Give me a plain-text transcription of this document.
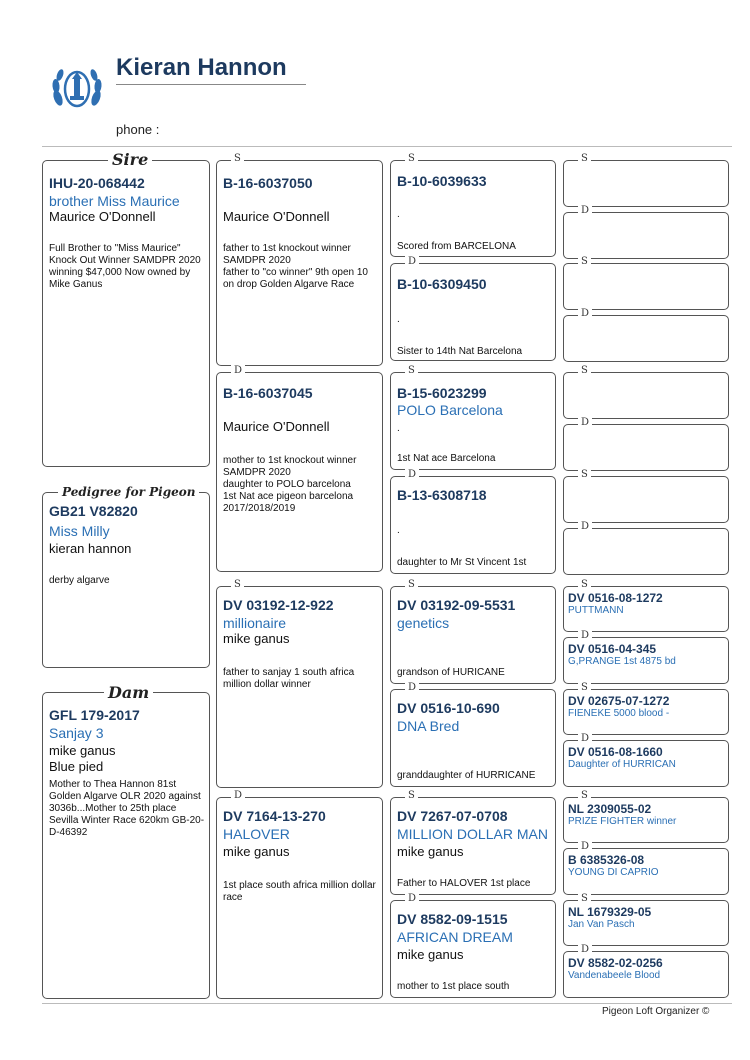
Kieran Hannon
phone :
IHU-20-068442
brother Miss Maurice
Maurice O'Donnell
Full Brother to "Miss Maurice" Knock Out Winner SAMDPR 2020 winning $47,000 Now owned by Mike Ganus
Sire
GB21 V82820
Miss Milly
kieran hannon
derby algarve
Pedigree for Pigeon
GFL 179-2017
Sanjay 3
mike ganus
Blue pied
Mother to Thea Hannon 81st Golden Algarve OLR 2020 against 3036b...Mother to 25th place Sevilla Winter Race 620km GB-20-D-46392
Dam
S
B-16-6037050
Maurice O'Donnell
father to 1st knockout winner SAMDPR 2020
father to "co winner" 9th open 10 on drop Golden Algarve Race
D
B-16-6037045
Maurice O'Donnell
mother to 1st knockout winner SAMDPR 2020
daughter to POLO barcelona
1st Nat ace pigeon barcelona 2017/2018/2019
S
DV 03192-12-922
millionaire
mike ganus
father to sanjay 1 south africa million dollar winner
D
DV 7164-13-270
HALOVER
mike ganus
1st place south africa million dollar race
S
B-10-6039633
.
Scored from BARCELONA
D
B-10-6309450
.
Sister to 14th Nat Barcelona
S
B-15-6023299
POLO Barcelona
.
1st Nat ace Barcelona
D
B-13-6308718
.
daughter to Mr St Vincent 1st
S
DV 03192-09-5531
genetics
grandson of HURICANE
D
DV 0516-10-690
DNA Bred
granddaughter of HURRICANE
S
DV 7267-07-0708
MILLION DOLLAR MAN
mike ganus
Father to HALOVER 1st place
D
DV 8582-09-1515
AFRICAN DREAM
mike ganus
mother to 1st place south
S
D
S
D
S
D
S
D
S
DV 0516-08-1272
PUTTMANN
D
DV 0516-04-345
G,PRANGE 1st 4875 bd
S
DV 02675-07-1272
FIENEKE 5000 blood -
D
DV 0516-08-1660
Daughter of HURRICAN
S
NL 2309055-02
PRIZE FIGHTER winner
D
B 6385326-08
YOUNG DI CAPRIO
S
NL 1679329-05
Jan Van Pasch
D
DV 8582-02-0256
Vandenabeele Blood
Pigeon Loft Organizer ©
